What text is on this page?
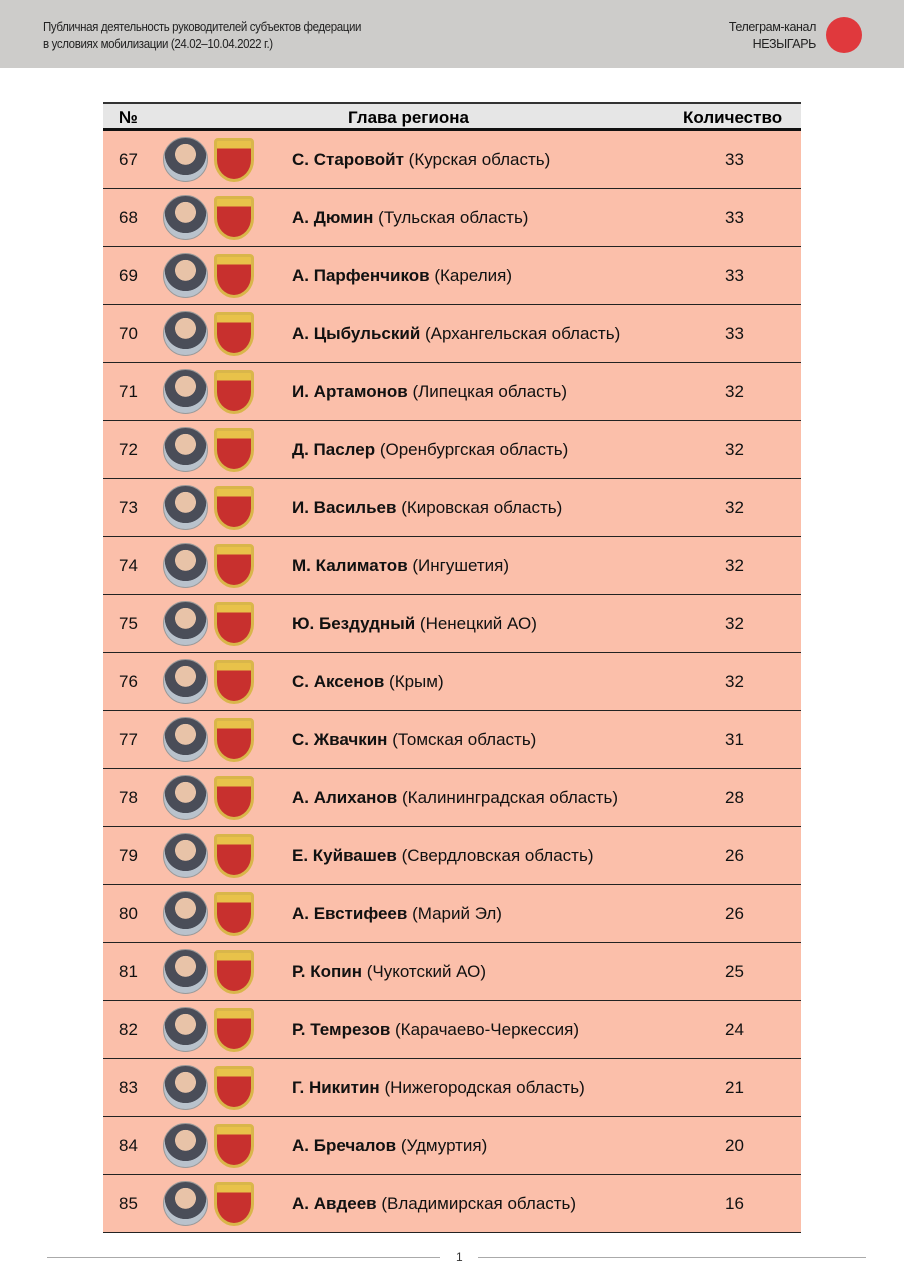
Публичная деятельность руководителей субъектов федерации
в условиях мобилизации (24.02–10.04.2022 г.)
Телеграм-канал
НЕЗЫГАРЬ
№	Глава региона	Количество
67	С. Старовойт (Курская область)	33
68	А. Дюмин (Тульская область)	33
69	А. Парфенчиков (Карелия)	33
70	А. Цыбульский (Архангельская область)	33
71	И. Артамонов (Липецкая область)	32
72	Д. Паслер (Оренбургская область)	32
73	И. Васильев (Кировская область)	32
74	М. Калиматов (Ингушетия)	32
75	Ю. Бездудный (Ненецкий АО)	32
76	С. Аксенов (Крым)	32
77	С. Жвачкин (Томская область)	31
78	А. Алиханов (Калининградская область)	28
79	Е. Куйвашев (Свердловская область)	26
80	А. Евстифеев (Марий Эл)	26
81	Р. Копин (Чукотский АО)	25
82	Р. Темрезов (Карачаево-Черкессия)	24
83	Г. Никитин (Нижегородская область)	21
84	А. Бречалов (Удмуртия)	20
85	А. Авдеев (Владимирская область)	16
1
